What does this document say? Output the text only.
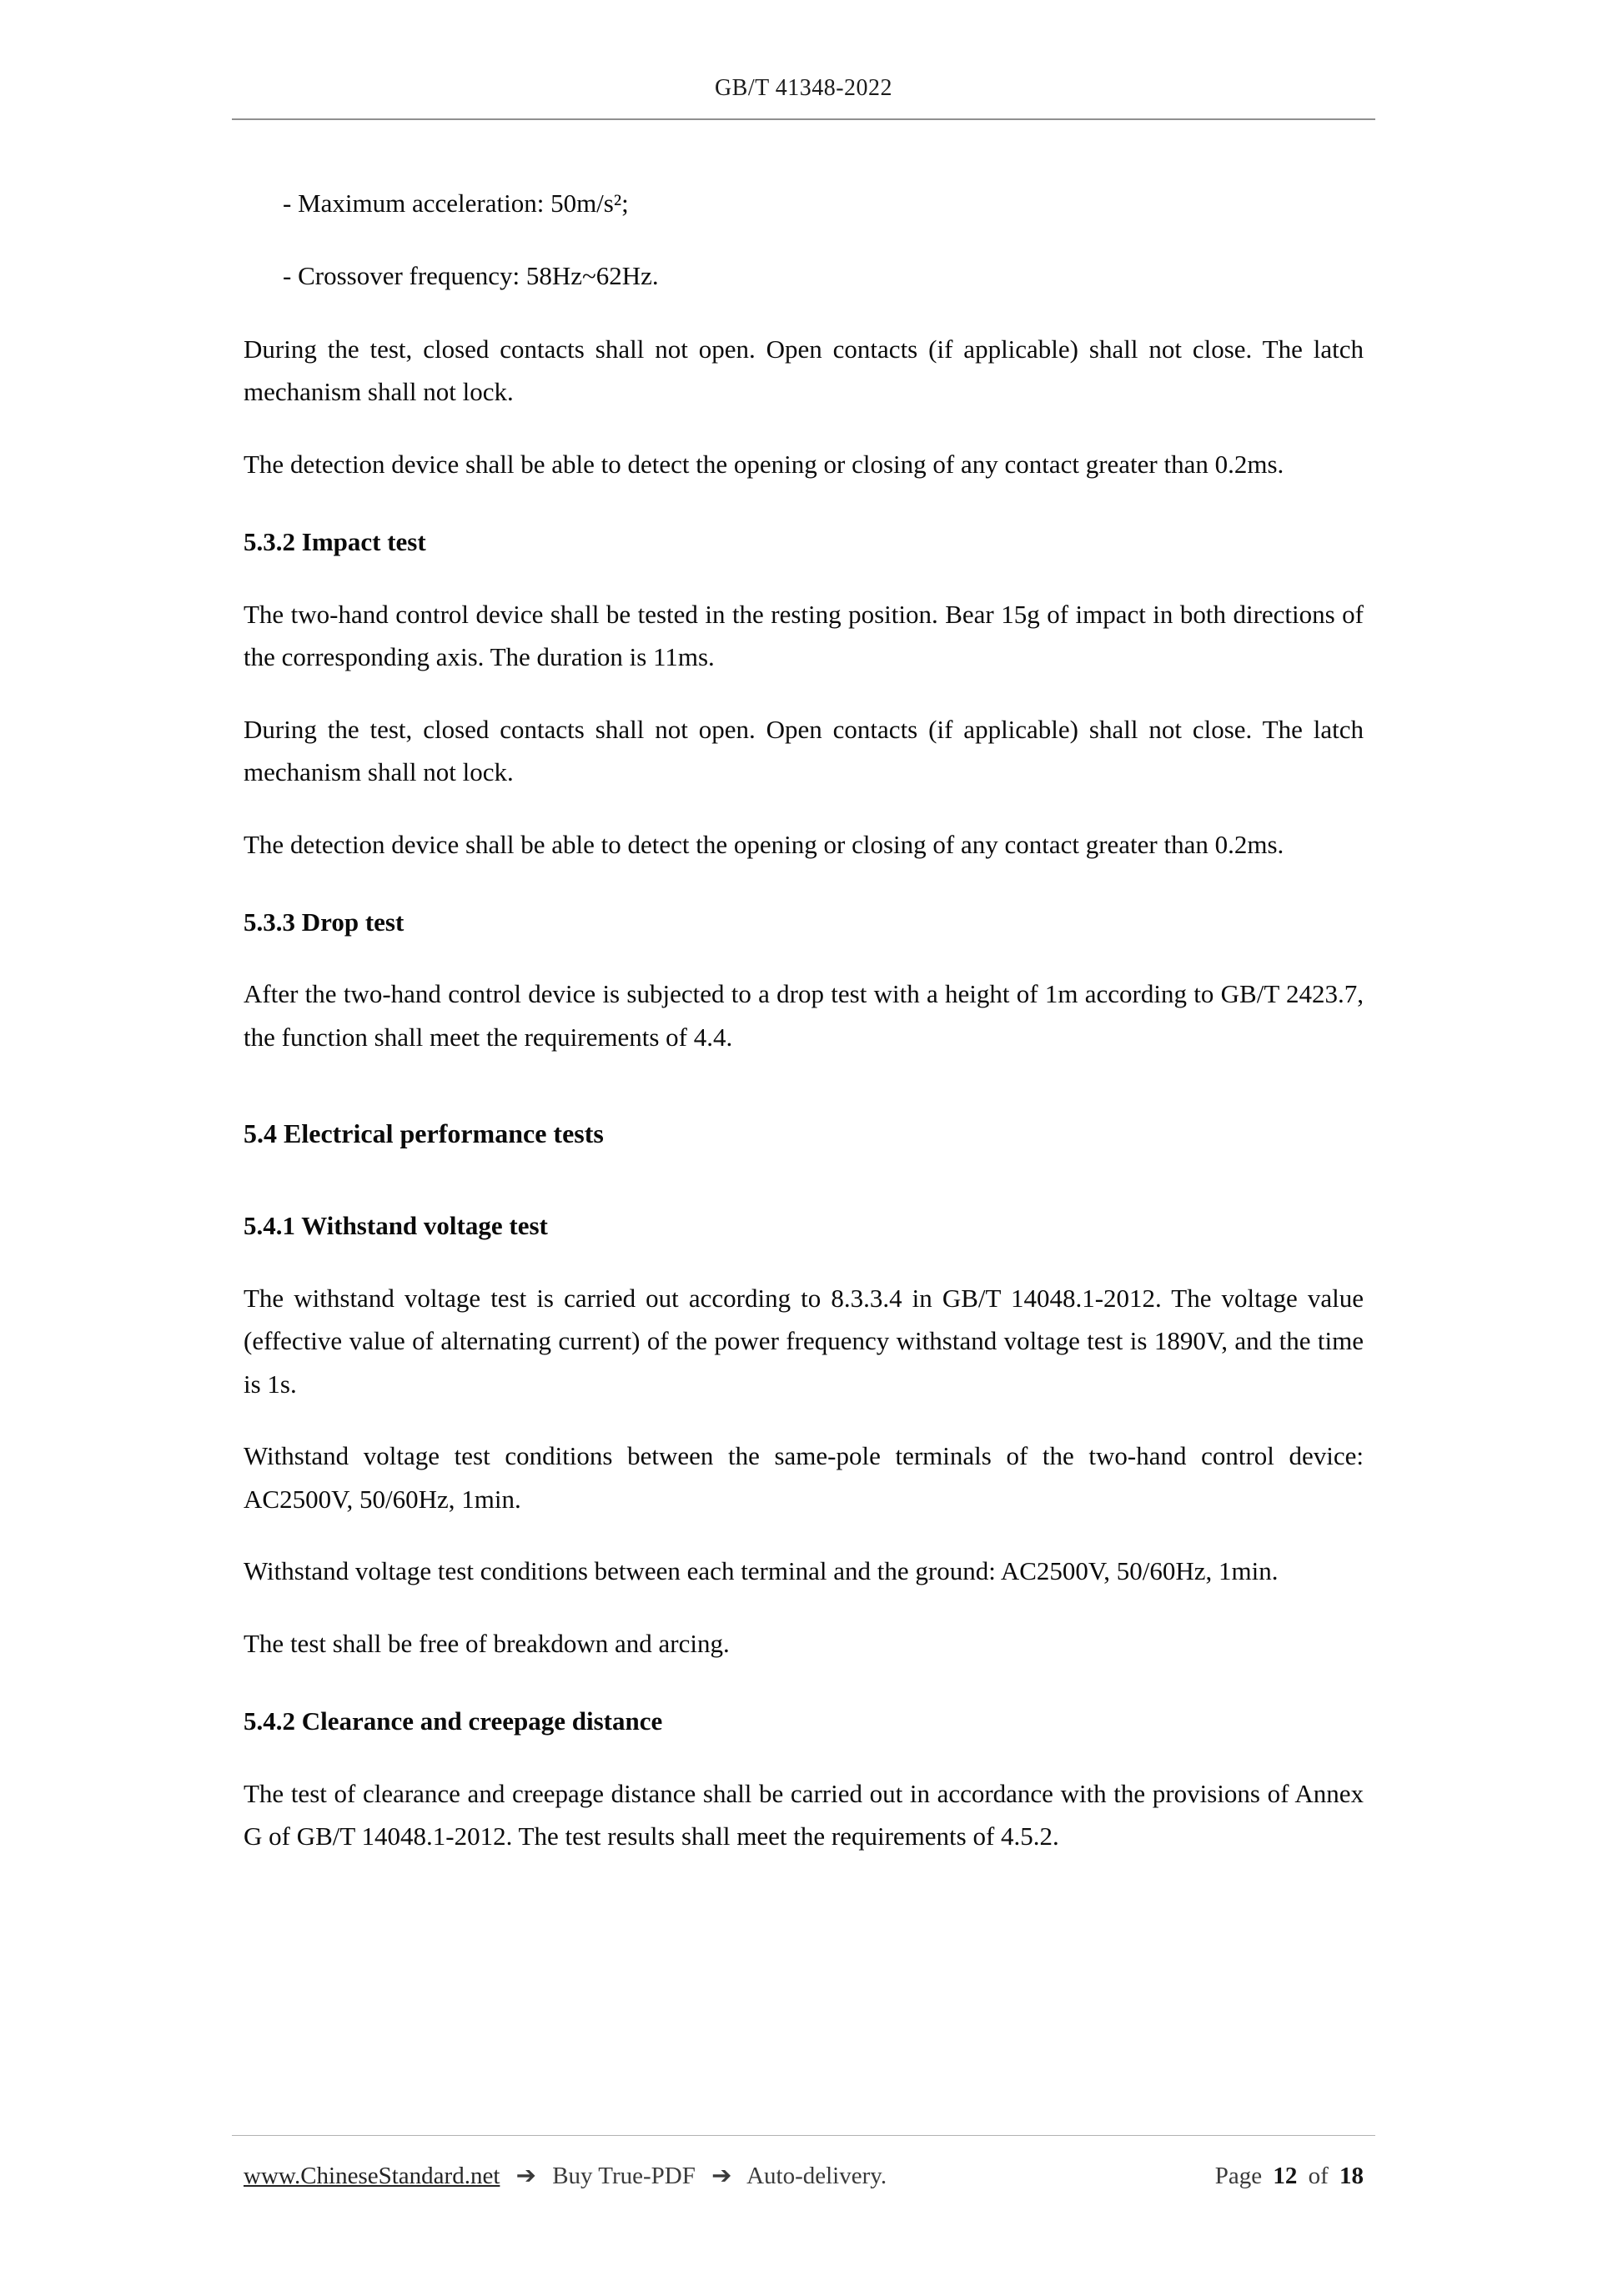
GB/T 41348-2022

- Maximum acceleration: 50m/s²;

- Crossover frequency: 58Hz~62Hz.

During the test, closed contacts shall not open. Open contacts (if applicable) shall not close. The latch mechanism shall not lock.

The detection device shall be able to detect the opening or closing of any contact greater than 0.2ms.

5.3.2 Impact test

The two-hand control device shall be tested in the resting position. Bear 15g of impact in both directions of the corresponding axis. The duration is 11ms.

During the test, closed contacts shall not open. Open contacts (if applicable) shall not close. The latch mechanism shall not lock.

The detection device shall be able to detect the opening or closing of any contact greater than 0.2ms.

5.3.3 Drop test

After the two-hand control device is subjected to a drop test with a height of 1m according to GB/T 2423.7, the function shall meet the requirements of 4.4.

5.4 Electrical performance tests
5.4.1 Withstand voltage test

The withstand voltage test is carried out according to 8.3.3.4 in GB/T 14048.1-2012. The voltage value (effective value of alternating current) of the power frequency withstand voltage test is 1890V, and the time is 1s.

Withstand voltage test conditions between the same-pole terminals of the two-hand control device: AC2500V, 50/60Hz, 1min.

Withstand voltage test conditions between each terminal and the ground: AC2500V, 50/60Hz, 1min.

The test shall be free of breakdown and arcing.

5.4.2 Clearance and creepage distance

The test of clearance and creepage distance shall be carried out in accordance with the provisions of Annex G of GB/T 14048.1-2012. The test results shall meet the requirements of 4.5.2.

www.ChineseStandard.net ➔ Buy True-PDF ➔ Auto-delivery.	Page 12 of 18
